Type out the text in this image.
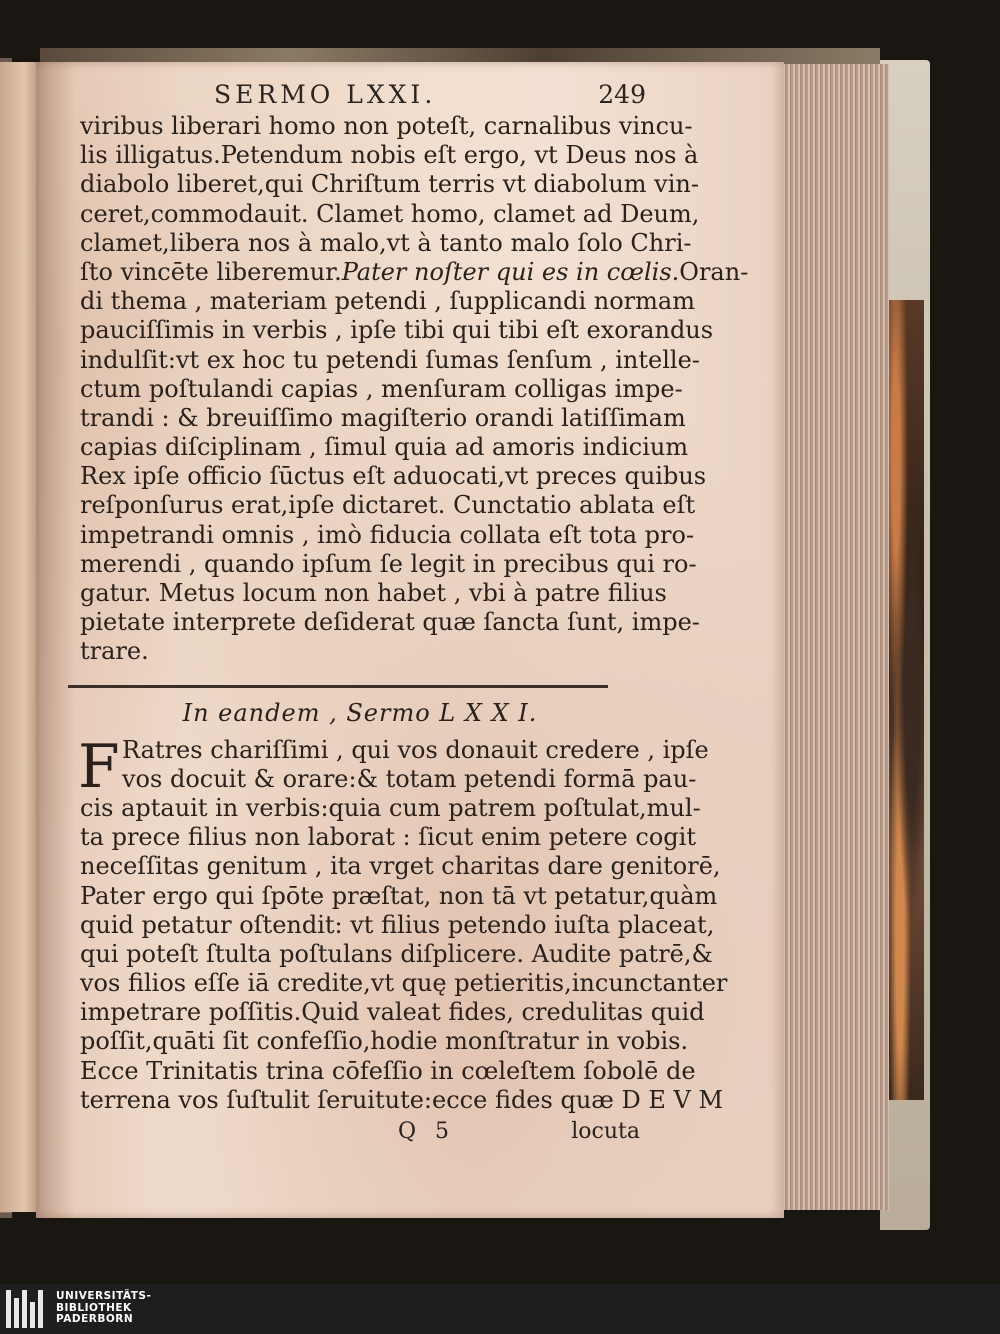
SERMO LXXI.	249
viribus liberari homo non poteſt, carnalibus vincu-
lis illigatus.Petendum nobis eſt ergo, vt Deus nos à
diabolo liberet,qui Chriſtum terris vt diabolum vin-
ceret,commodauit. Clamet homo, clamet ad Deum,
clamet,libera nos à malo,vt à tanto malo ſolo Chri-
ſto vincēte liberemur.Pater noſter qui es in cœlis.Oran-
di thema , materiam petendi , ſupplicandi normam
pauciſſimis in verbis , ipſe tibi qui tibi eſt exorandus
indulſit:vt ex hoc tu petendi ſumas ſenſum , intelle-
ctum poſtulandi capias , menſuram colligas impe-
trandi : & breuiſſimo magiſterio orandi latiſſimam
capias diſciplinam , ſimul quia ad amoris indicium
Rex ipſe officio ſūctus eſt aduocati,vt preces quibus
reſponſurus erat,ipſe dictaret. Cunctatio ablata eſt
impetrandi omnis , imò fiducia collata eſt tota pro-
merendi , quando ipſum ſe legit in precibus qui ro-
gatur. Metus locum non habet , vbi à patre filius
pietate interprete deſiderat quæ ſancta ſunt, impe-
trare.
In eandem , Sermo L X X I.
F Ratres chariſſimi , qui vos donauit credere , ipſe
vos docuit & orare:& totam petendi formā pau-
cis aptauit in verbis:quia cum patrem poſtulat,mul-
ta prece filius non laborat : ſicut enim petere cogit
neceſſitas genitum , ita vrget charitas dare genitorē,
Pater ergo qui ſpōte præſtat, non tā vt petatur,quàm
quid petatur oſtendit: vt filius petendo iuſta placeat,
qui poteſt ſtulta poſtulans diſplicere. Audite patrē,&
vos filios eſſe iā credite,vt quę petieritis,incunctanter
impetrare poſſitis.Quid valeat fides, credulitas quid
poſſit,quāti ſit confeſſio,hodie monſtratur in vobis.
Ecce Trinitatis trina cōfeſſio in cœleſtem ſobolē de
terrena vos ſuſtulit ſeruitute:ecce fides quæ D E V M
Q 5	locuta
UNIVERSITÄTS-
BIBLIOTHEK
PADERBORN
